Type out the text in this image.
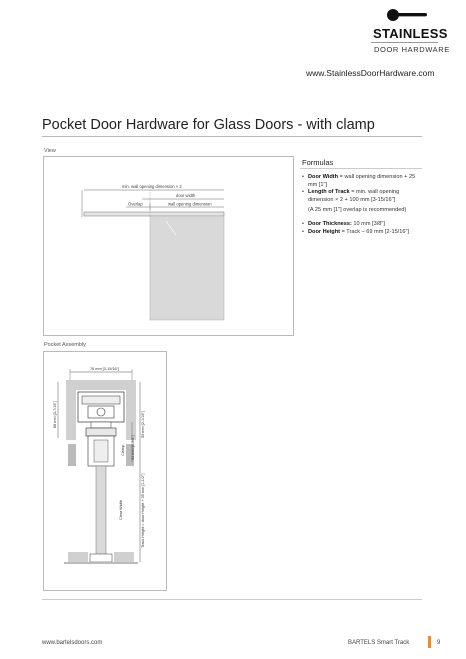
STAINLESS
DOOR HARDWARE
www.StainlessDoorHardware.com
Pocket Door Hardware for Glass Doors - with clamp
View
min. wall opening dimension × 2
door width
Overlap	wall opening dimension
Formulas
• Door Width = wall opening dimension + 25 mm [1"]
• Length of Track = min. wall opening dimension × 2 + 100 mm [3-15/16"]
(A 25 mm [1"] overlap is recommended)
• Door Thickness: 10 mm [3/8"]
• Door Height = Track – 69 mm [2-15/16"]
Pocket Assembly
76 mm [3-15/16"]
88 mm [3-7/16"]	50 mm [2-1/16"]
34 mm [1-3/8"]
Clamp
Clear Width	Track Height = door Height + 39 mm [1-1/2"]
www.bartelsdoors.com	BARTELS Smart Track	9
